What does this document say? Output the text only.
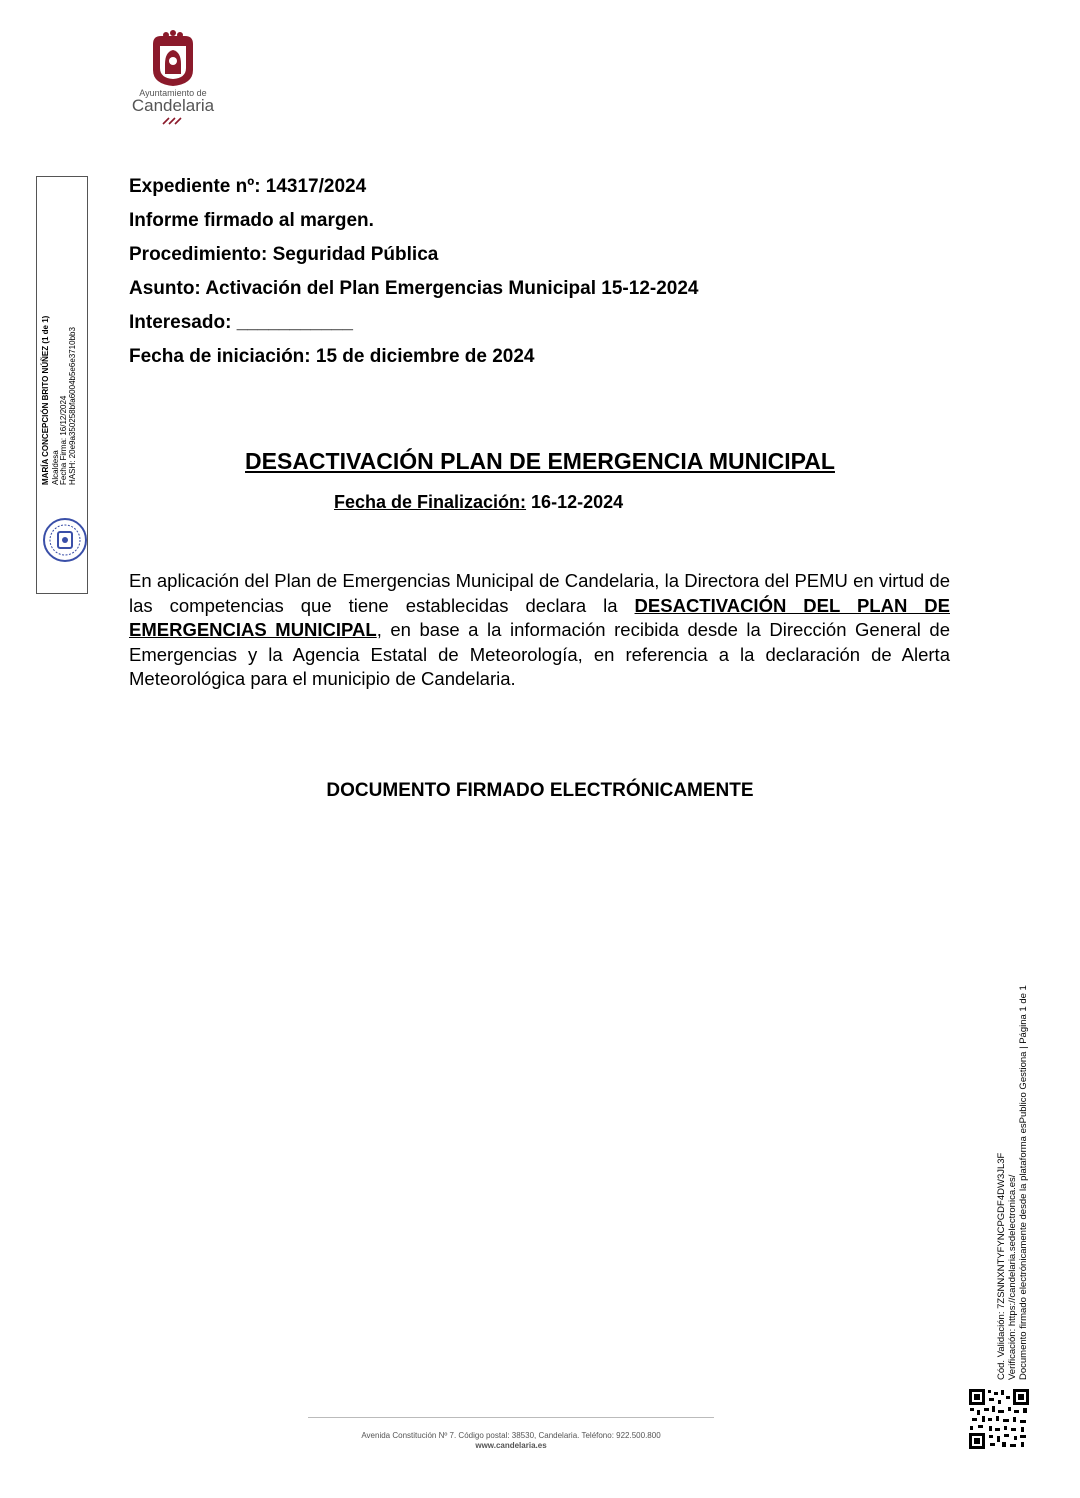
Ayuntamiento de
Candelaria
Expediente nº: 14317/2024
Informe firmado al margen.
Procedimiento: Seguridad Pública
Asunto: Activación del Plan Emergencias Municipal 15-12-2024
Interesado: ___________
Fecha de iniciación: 15 de diciembre de 2024
MARÍA CONCEPCIÓN BRITO NÚÑEZ (1 de 1) Alcaldesa Fecha Firma: 16/12/2024 HASH: 20e9a350258bfa6004b5e6e3710bb3	DESACTIVACIÓN PLAN DE EMERGENCIA MUNICIPAL
Fecha de Finalización: 16-12-2024
En aplicación del Plan de Emergencias Municipal de Candelaria, la Directora del PEMU en virtud de las competencias que tiene establecidas declara la DESACTIVACIÓN DEL PLAN DE EMERGENCIAS MUNICIPAL, en base a la información recibida desde la Dirección General de Emergencias y la Agencia Estatal de Meteorología, en referencia a la declaración de Alerta Meteorológica para el municipio de Candelaria.
DOCUMENTO FIRMADO ELECTRÓNICAMENTE
Cód. Validación: 7ZSNNXNTYFYNCPGDF4DW3JL3F Verificación: https://candelaria.sedelectronica.es/ Documento firmado electrónicamente desde la plataforma esPublico Gestiona | Página 1 de 1
Avenida Constitución Nº 7. Código postal: 38530, Candelaria. Teléfono: 922.500.800
www.candelaria.es
